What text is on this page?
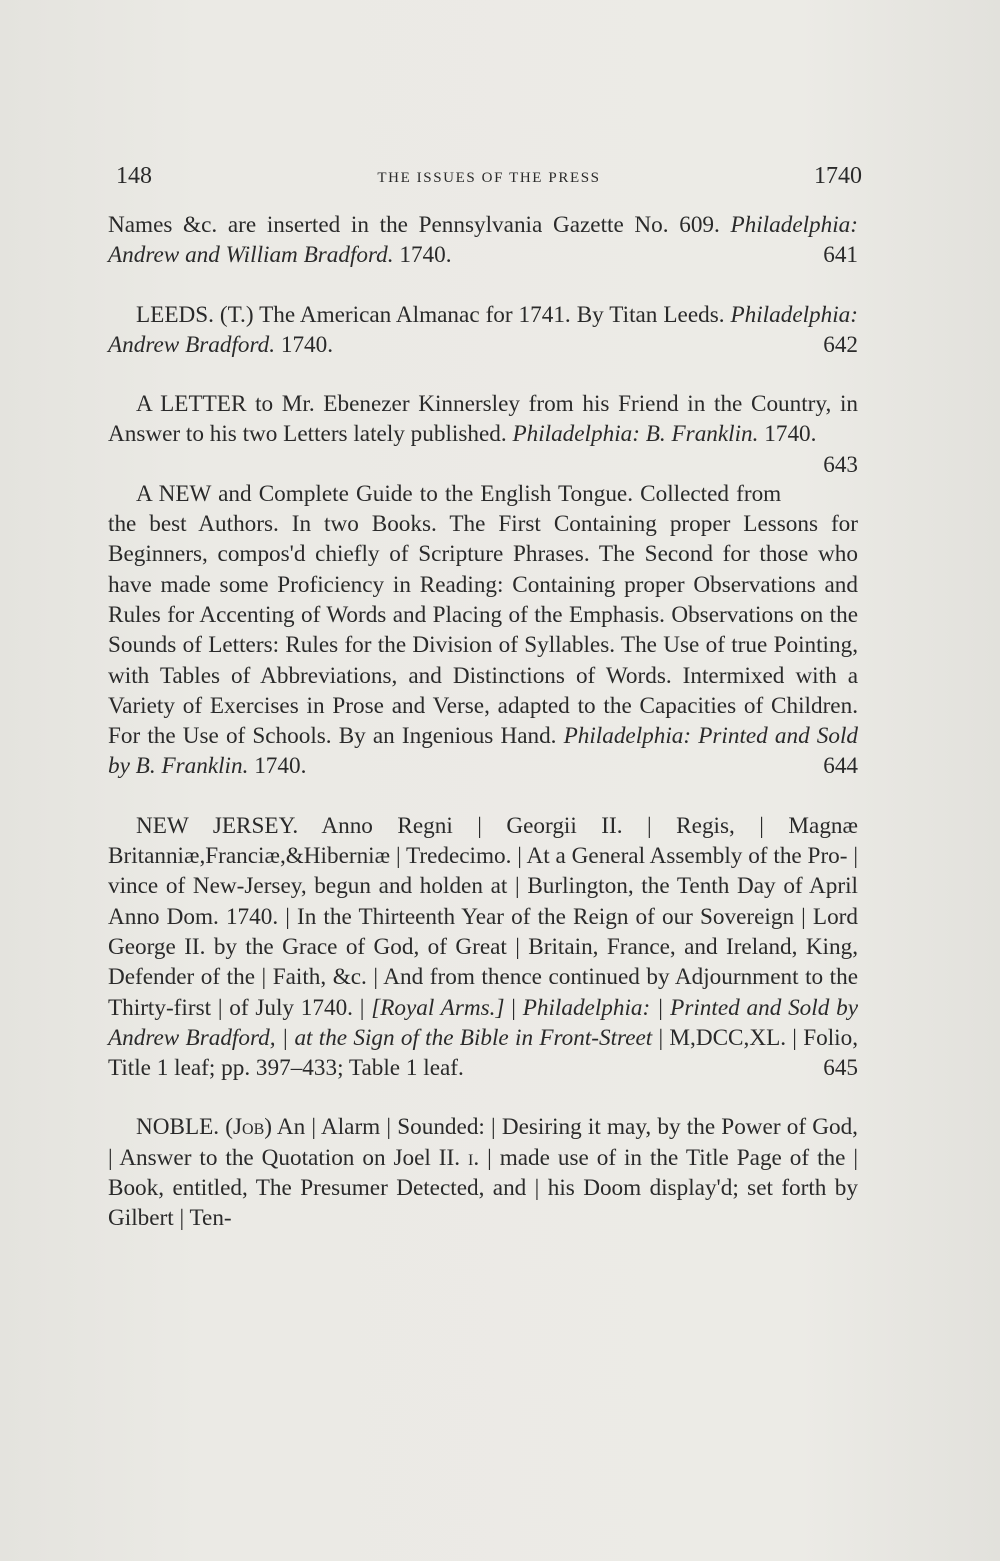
148	THE ISSUES OF THE PRESS	1740

Names &c. are inserted in the Pennsylvania Gazette No. 609. Philadelphia: Andrew and William Bradford. 1740.	641

LEEDS. (T.) The American Almanac for 1741. By Titan Leeds. Philadelphia: Andrew Bradford. 1740.	642

A LETTER to Mr. Ebenezer Kinnersley from his Friend in the Country, in Answer to his two Letters lately published. Philadelphia: B. Franklin. 1740.
643

A NEW and Complete Guide to the English Tongue. Collected from the best Authors. In two Books. The First Containing proper Lessons for Beginners, compos'd chiefly of Scripture Phrases. The Second for those who have made some Proficiency in Reading: Containing proper Observations and Rules for Accenting of Words and Placing of the Emphasis. Observations on the Sounds of Letters: Rules for the Division of Syllables. The Use of true Pointing, with Tables of Abbreviations, and Distinctions of Words. Intermixed with a Variety of Exercises in Prose and Verse, adapted to the Capacities of Children. For the Use of Schools. By an Ingenious Hand. Philadelphia: Printed and Sold by B. Franklin. 1740.	644

NEW JERSEY. Anno Regni | Georgii II. | Regis, | Magnæ Britanniæ,Franciæ,&Hiberniæ | Tredecimo. | At a General Assembly of the Pro- | vince of New-Jersey, begun and holden at | Burlington, the Tenth Day of April Anno Dom. 1740. | In the Thirteenth Year of the Reign of our Sovereign | Lord George II. by the Grace of God, of Great | Britain, France, and Ireland, King, Defender of the | Faith, &c. | And from thence continued by Adjournment to the Thirty-first | of July 1740. | [Royal Arms.] | Philadelphia: | Printed and Sold by Andrew Bradford, | at the Sign of the Bible in Front-Street | M,DCC,XL. | Folio, Title 1 leaf; pp. 397–433; Table 1 leaf.	645

NOBLE. (Job) An | Alarm | Sounded: | Desiring it may, by the Power of God, | Answer to the Quotation on Joel II. i. | made use of in the Title Page of the | Book, entitled, The Presumer Detected, and | his Doom display'd; set forth by Gilbert | Ten-
